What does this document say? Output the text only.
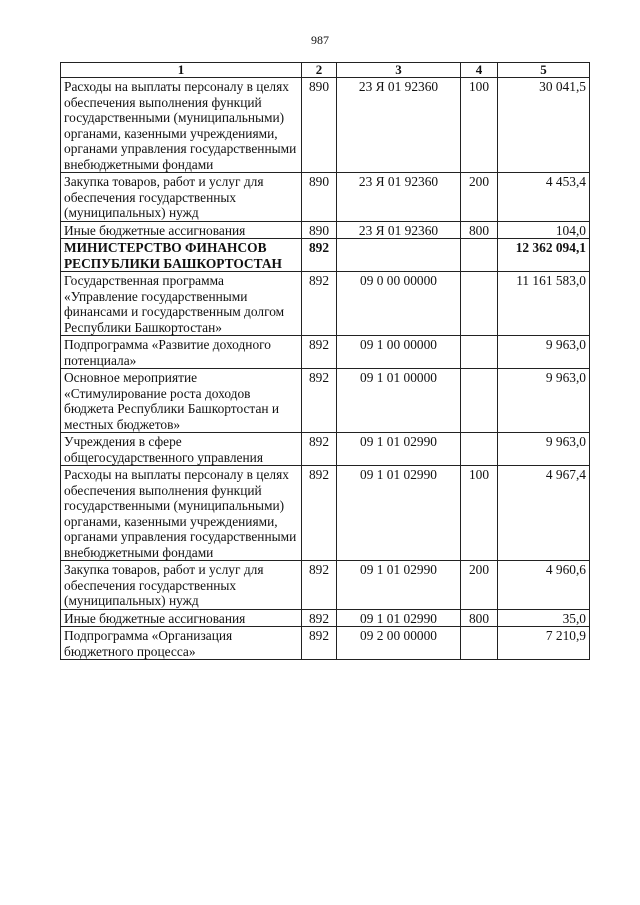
987
1	2	3	4	5
Расходы на выплаты персоналу в целях обеспечения выполнения функций государственными (муниципальными) органами, казенными учреждениями, органами управления государственными внебюджетными фондами	890	23 Я 01 92360	100	30 041,5
Закупка товаров, работ и услуг для обеспечения государственных (муниципальных) нужд	890	23 Я 01 92360	200	4 453,4
Иные бюджетные ассигнования	890	23 Я 01 92360	800	104,0
МИНИСТЕРСТВО ФИНАНСОВ РЕСПУБЛИКИ БАШКОРТОСТАН	892			12 362 094,1
Государственная программа «Управление государственными финансами и государственным долгом Республики Башкортостан»	892	09 0 00 00000		11 161 583,0
Подпрограмма «Развитие доходного потенциала»	892	09 1 00 00000		9 963,0
Основное мероприятие «Стимулирование роста доходов бюджета Республики Башкортостан и местных бюджетов»	892	09 1 01 00000		9 963,0
Учреждения в сфере общегосударственного управления	892	09 1 01 02990		9 963,0
Расходы на выплаты персоналу в целях обеспечения выполнения функций государственными (муниципальными) органами, казенными учреждениями, органами управления государственными внебюджетными фондами	892	09 1 01 02990	100	4 967,4
Закупка товаров, работ и услуг для обеспечения государственных (муниципальных) нужд	892	09 1 01 02990	200	4 960,6
Иные бюджетные ассигнования	892	09 1 01 02990	800	35,0
Подпрограмма «Организация бюджетного процесса»	892	09 2 00 00000		7 210,9
